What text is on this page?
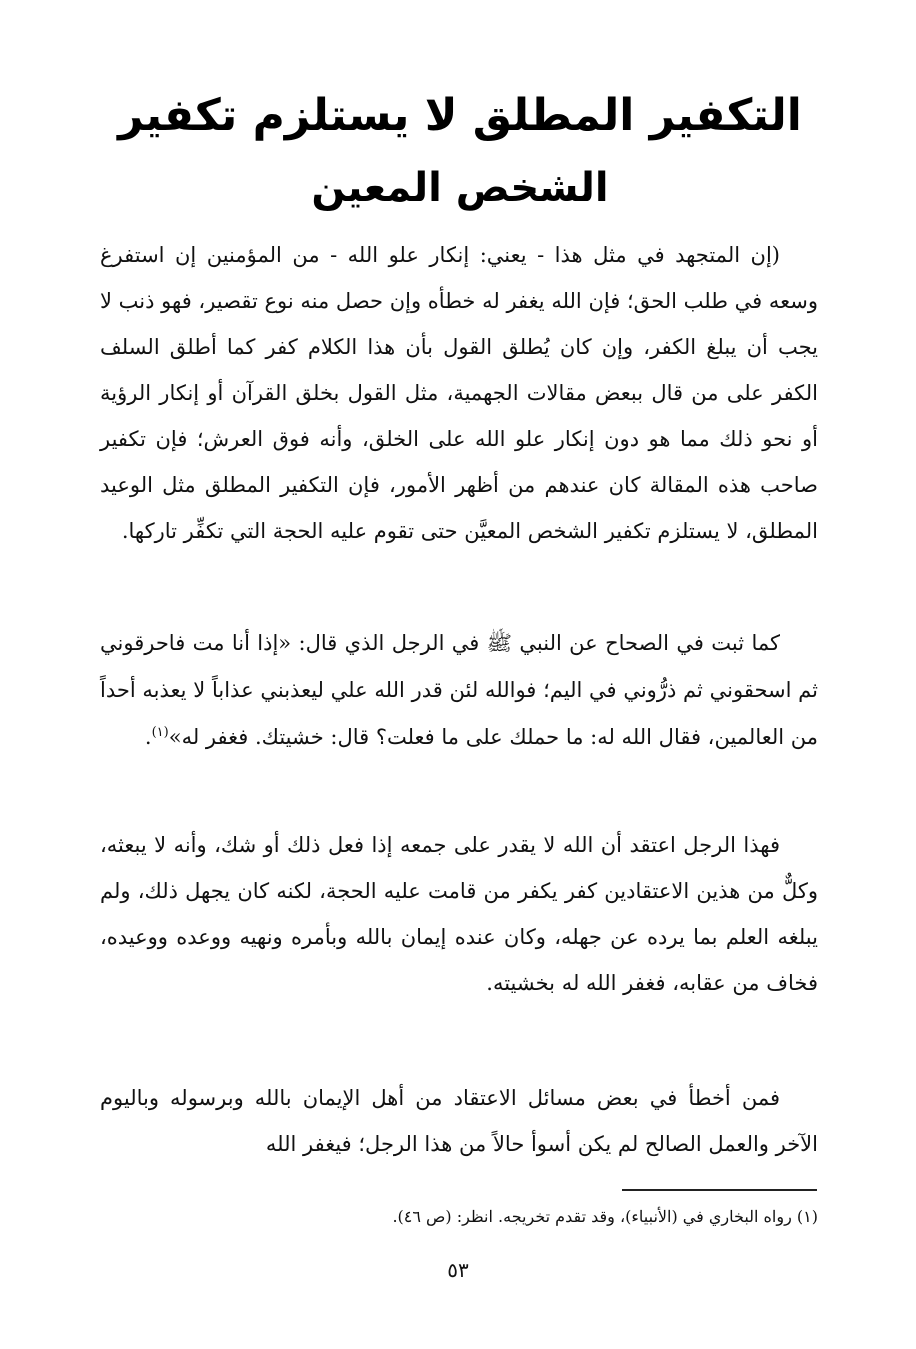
التكفير المطلق لا يستلزم تكفير
الشخص المعين

(إن المتجهد في مثل هذا - يعني: إنكار علو الله - من المؤمنين إن استفرغ وسعه في طلب الحق؛ فإن الله يغفر له خطأه وإن حصل منه نوع تقصير، فهو ذنب لا يجب أن يبلغ الكفر، وإن كان يُطلق القول بأن هذا الكلام كفر كما أطلق السلف الكفر على من قال ببعض مقالات الجهمية، مثل القول بخلق القرآن أو إنكار الرؤية أو نحو ذلك مما هو دون إنكار علو الله على الخلق، وأنه فوق العرش؛ فإن تكفير صاحب هذه المقالة كان عندهم من أظهر الأمور، فإن التكفير المطلق مثل الوعيد المطلق، لا يستلزم تكفير الشخص المعيَّن حتى تقوم عليه الحجة التي تكفِّر تاركها.

كما ثبت في الصحاح عن النبي ﷺ في الرجل الذي قال: «إذا أنا مت فاحرقوني ثم اسحقوني ثم ذرُّوني في اليم؛ فوالله لئن قدر الله علي ليعذبني عذاباً لا يعذبه أحداً من العالمين، فقال الله له: ما حملك على ما فعلت؟ قال: خشيتك. فغفر له»$^{(١)}$.

فهذا الرجل اعتقد أن الله لا يقدر على جمعه إذا فعل ذلك أو شك، وأنه لا يبعثه، وكلٌّ من هذين الاعتقادين كفر يكفر من قامت عليه الحجة، لكنه كان يجهل ذلك، ولم يبلغه العلم بما يرده عن جهله، وكان عنده إيمان بالله وبأمره ونهيه ووعده ووعيده، فخاف من عقابه، فغفر الله له بخشيته.

فمن أخطأ في بعض مسائل الاعتقاد من أهل الإيمان بالله وبرسوله وباليوم الآخر والعمل الصالح لم يكن أسوأ حالاً من هذا الرجل؛ فيغفر الله

(١) رواه البخاري في (الأنبياء)، وقد تقدم تخريجه. انظر: (ص ٤٦).

٥٣
